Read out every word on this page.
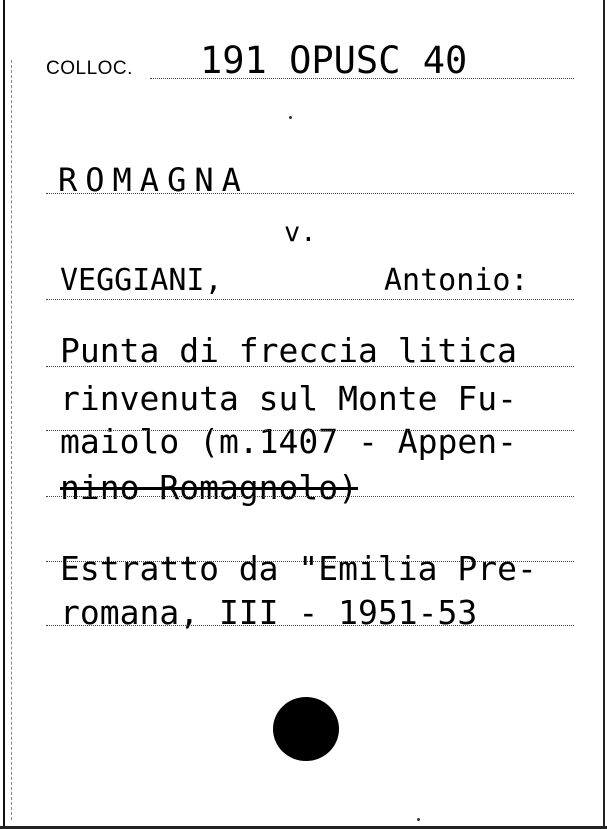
COLLOC. 191 OPUSC 40
ROMAGNA
v.
VEGGIANI,	Antonio:
Punta di freccia litica
rinvenuta sul Monte Fu-
maiolo (m.1407 - Appen-
nino Romagnolo)
Estratto da "Emilia Pre-
romana, III - 1951-53
